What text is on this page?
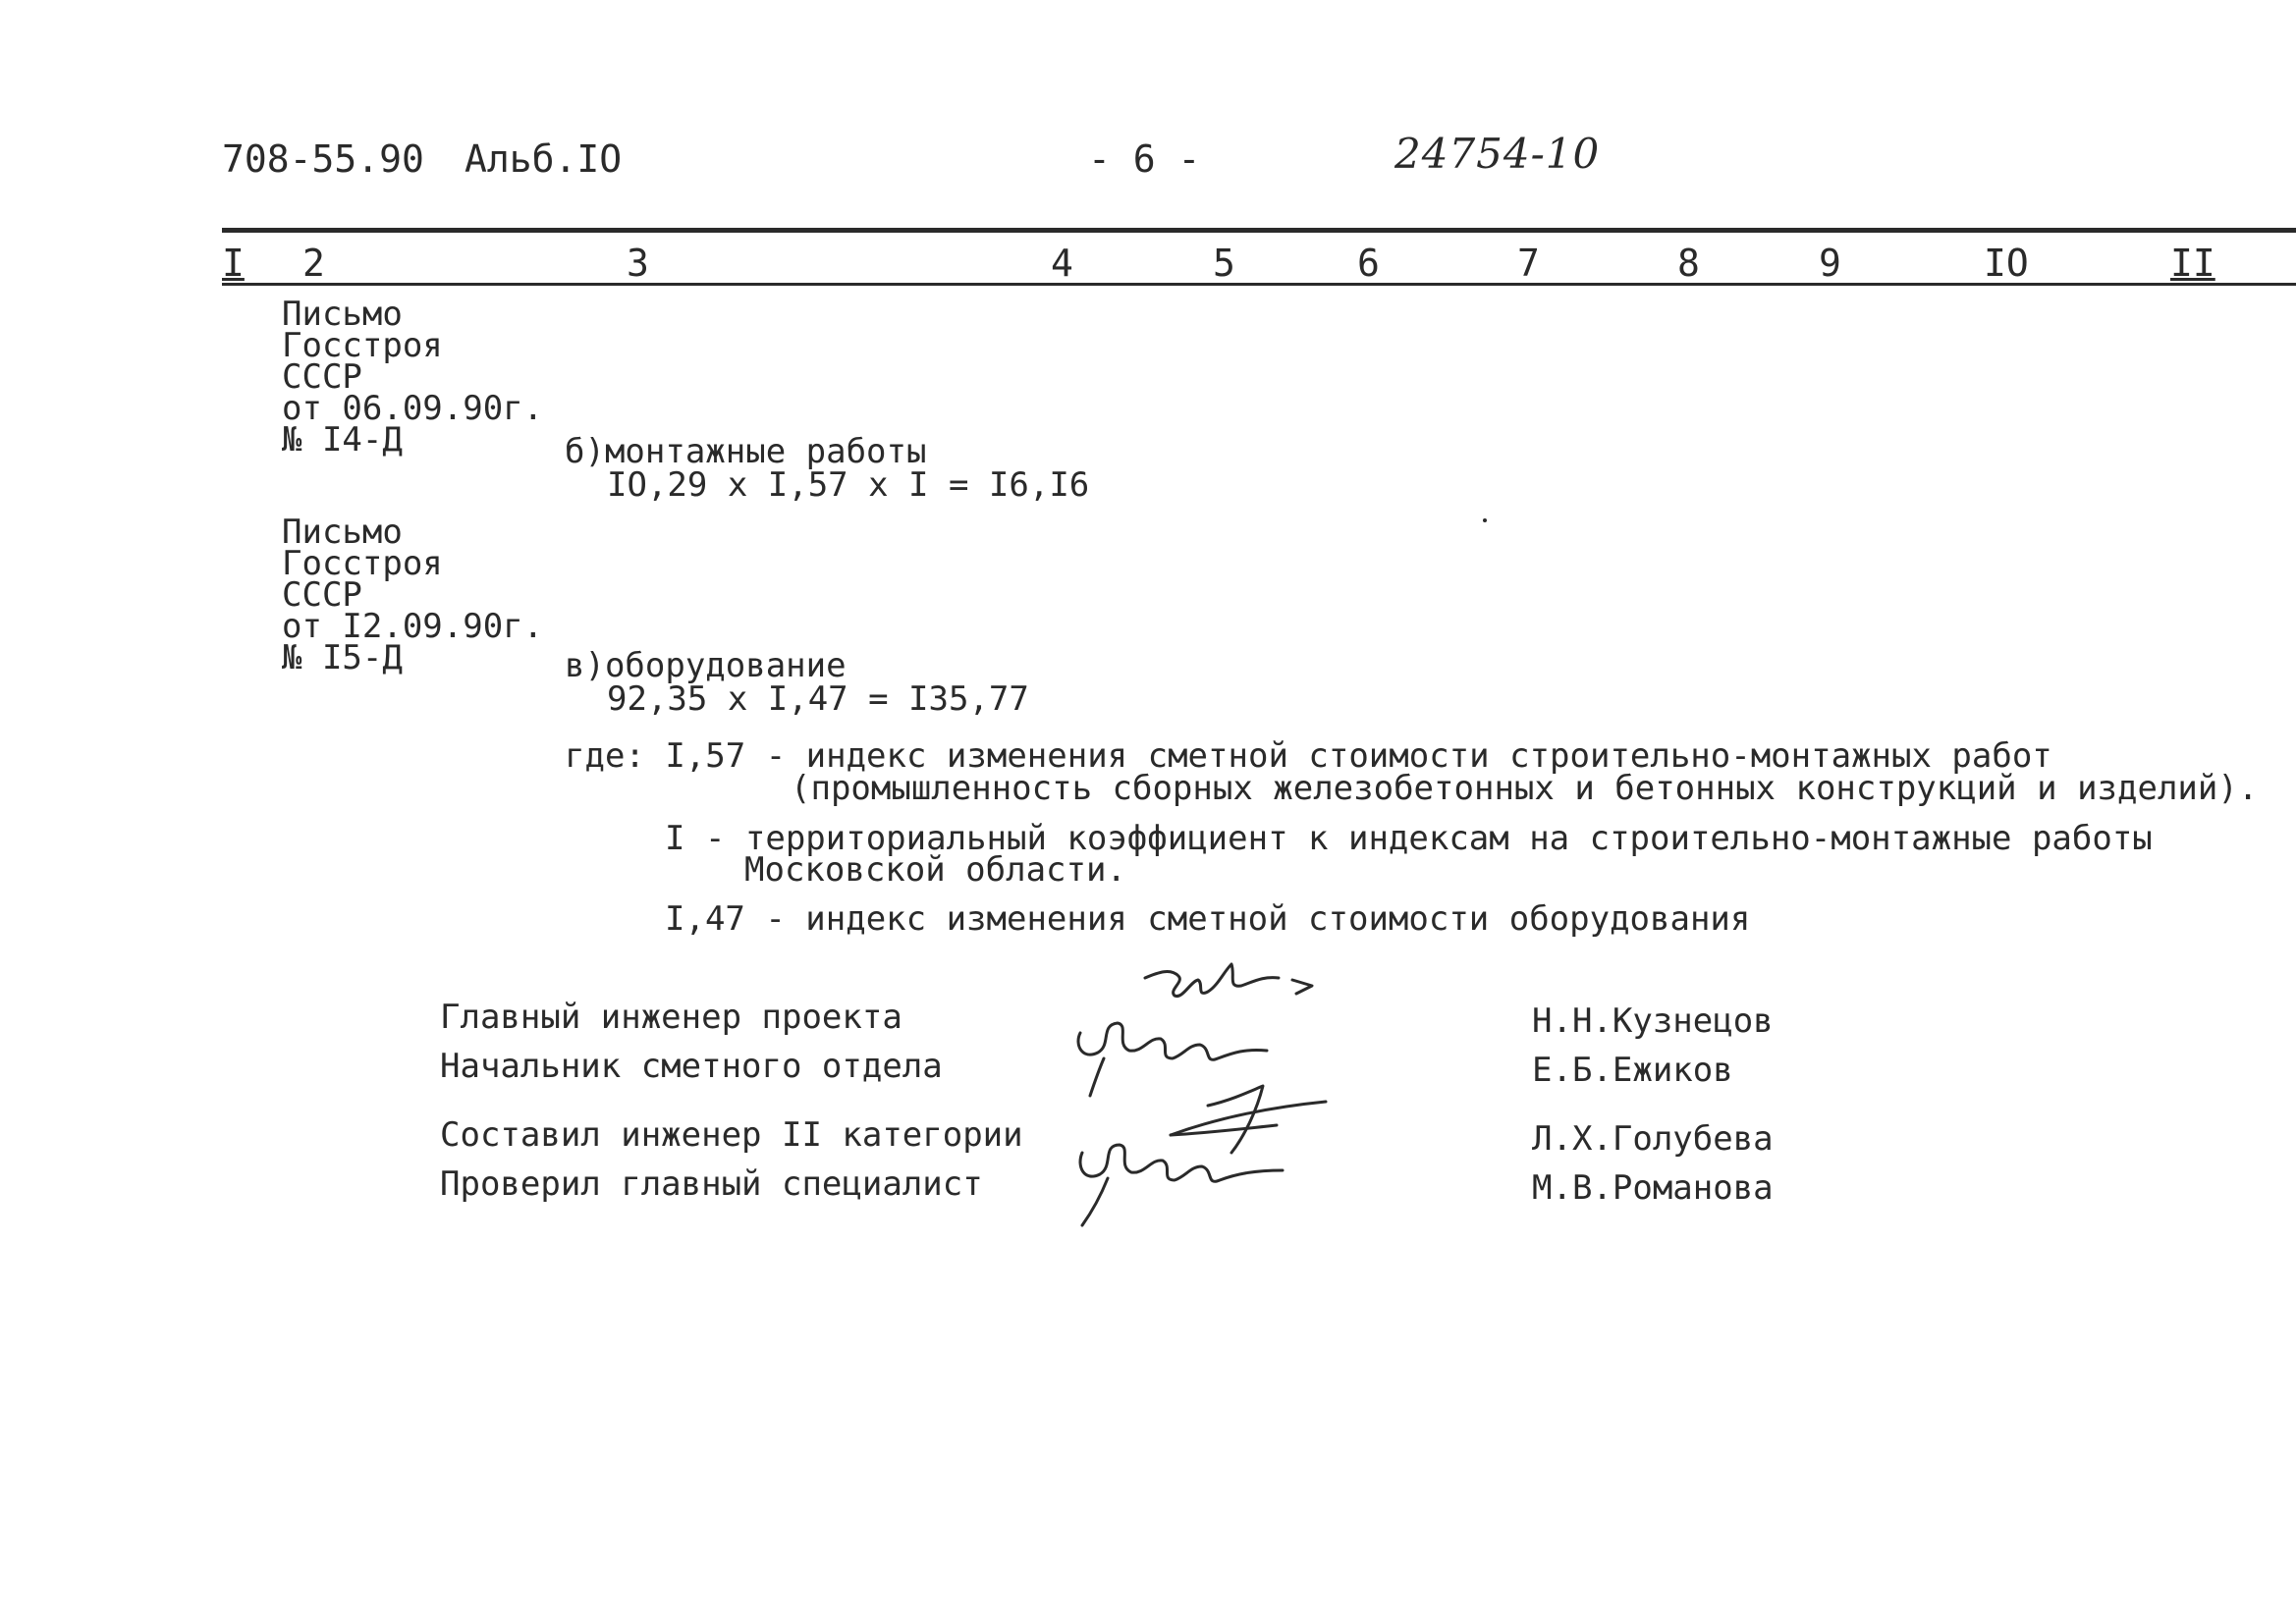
708-55.90 Альб.IO	- 6 -	24754-10
I 2	3	4	5	6	7	8	9	IO	II
Письмо
Госстроя
СССР
от 06.09.90г.
№ I4-Д	б)монтажные работы
IO,29 x I,57 x I = I6,I6
Письмо
Госстроя
СССР
от I2.09.90г.
№ I5-Д	в)оборудование
92,35 x I,47 = I35,77
где: I,57 - индекс изменения сметной стоимости строительно-монтажных работ
(промышленность сборных железобетонных и бетонных конструкций и изделий).
I - территориальный коэффициент к индексам на строительно-монтажные работы
Московской области.
I,47 - индекс изменения сметной стоимости оборудования
Главный инженер проекта
Начальник сметного отдела
Составил инженер II категории
Проверил главный специалист
Н.Н.Кузнецов
Е.Б.Ежиков
Л.Х.Голубева
М.В.Романова
